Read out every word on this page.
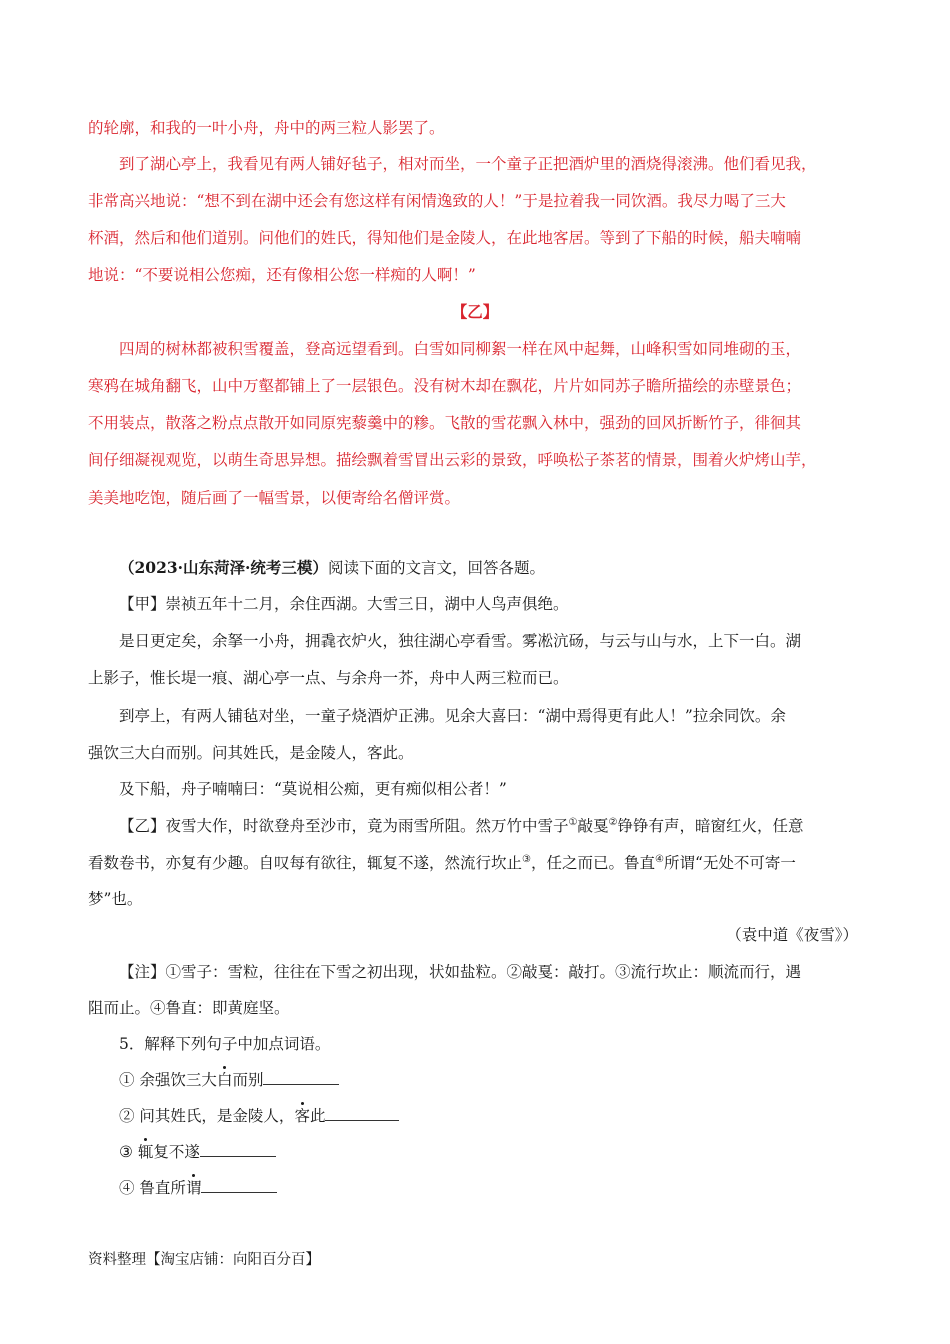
的轮廓，和我的一叶小舟，舟中的两三粒人影罢了。
到了湖心亭上，我看见有两人铺好毡子，相对而坐，一个童子正把酒炉里的酒烧得滚沸。他们看见我，
非常高兴地说：“想不到在湖中还会有您这样有闲情逸致的人！”于是拉着我一同饮酒。我尽力喝了三大
杯酒，然后和他们道别。问他们的姓氏，得知他们是金陵人，在此地客居。等到了下船的时候，船夫喃喃
地说：“不要说相公您痴，还有像相公您一样痴的人啊！”
【乙】
四周的树林都被积雪覆盖，登高远望看到。白雪如同柳絮一样在风中起舞，山峰积雪如同堆砌的玉，
寒鸦在城角翻飞，山中万壑都铺上了一层银色。没有树木却在飘花，片片如同苏子瞻所描绘的赤壁景色；
不用装点，散落之粉点点散开如同原宪藜羹中的糁。飞散的雪花飘入林中，强劲的回风折断竹子，徘徊其
间仔细凝视观览，以萌生奇思异想。描绘飘着雪冒出云彩的景致，呼唤松子茶茗的情景，围着火炉烤山芋，
美美地吃饱，随后画了一幅雪景，以便寄给名僧评赏。
（2023·山东菏泽·统考三模）阅读下面的文言文，回答各题。
【甲】崇祯五年十二月，余住西湖。大雪三日，湖中人鸟声俱绝。
是日更定矣，余拏一小舟，拥毳衣炉火，独往湖心亭看雪。雾凇沆砀，与云与山与水，上下一白。湖
上影子，惟长堤一痕、湖心亭一点、与余舟一芥，舟中人两三粒而已。
到亭上，有两人铺毡对坐，一童子烧酒炉正沸。见余大喜曰：“湖中焉得更有此人！”拉余同饮。余
强饮三大白而别。问其姓氏，是金陵人，客此。
及下船，舟子喃喃曰：“莫说相公痴，更有痴似相公者！”
【乙】夜雪大作，时欲登舟至沙市，竟为雨雪所阻。然万竹中雪子①敲戛②铮铮有声，暗窗红火，任意
看数卷书，亦复有少趣。自叹每有欲往，辄复不遂，然流行坎止③，任之而已。鲁直④所谓“无处不可寄一
梦”也。
（袁中道《夜雪》）
【注】①雪子：雪粒，往往在下雪之初出现，状如盐粒。②敲戛：敲打。③流行坎止：顺流而行，遇
阻而止。④鲁直：即黄庭坚。
5．解释下列句子中加点词语。
① 余强饮三大白而别
② 问其姓氏，是金陵人，客此
③ 辄复不遂
④ 鲁直所谓
资料整理【淘宝店铺：向阳百分百】
